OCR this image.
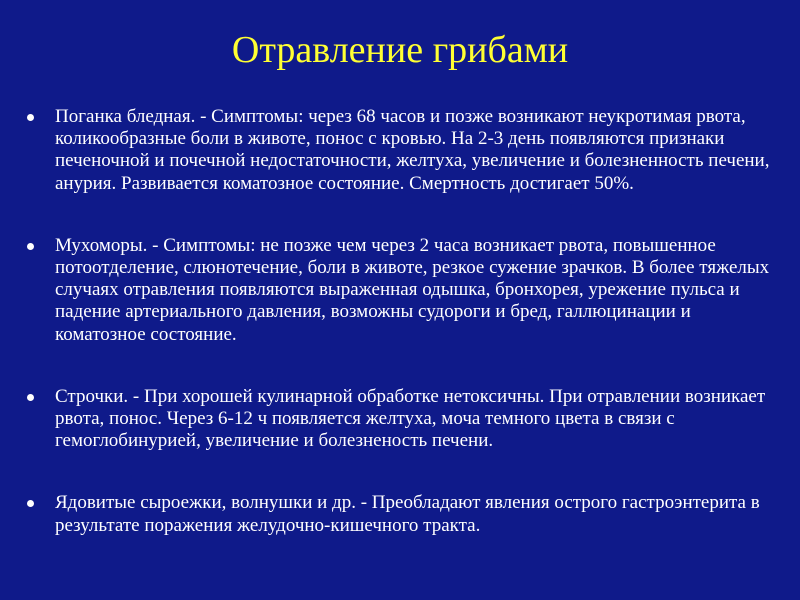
Отравление грибами
Поганка бледная. - Симптомы: через 68 часов и позже возникают неукротимая рвота, коликообразные боли в животе, понос с кровью. На 2-3 день появляются признаки печеночной и почечной недостаточности, желтуха, увеличение и болезненность печени, анурия. Развивается коматозное состояние. Смертность достигает 50%.
Мухоморы. - Симптомы: не позже чем через 2 часа возникает рвота, повышенное потоотделение, слюнотечение, боли в животе, резкое сужение зрачков. В более тяжелых случаях отравления появляются выраженная одышка, бронхорея, урежение пульса и падение артериального давления, возможны судороги и бред, галлюцинации и коматозное состояние.
Строчки. - При хорошей кулинарной обработке нетоксичны. При отравлении возникает рвота, понос. Через 6-12 ч появляется желтуха, моча темного цвета в связи с гемоглобинурией, увеличение и болезненость печени.
Ядовитые сыроежки, волнушки и др. - Преобладают явления острого гастроэнтерита в результате поражения желудочно-кишечного тракта.
